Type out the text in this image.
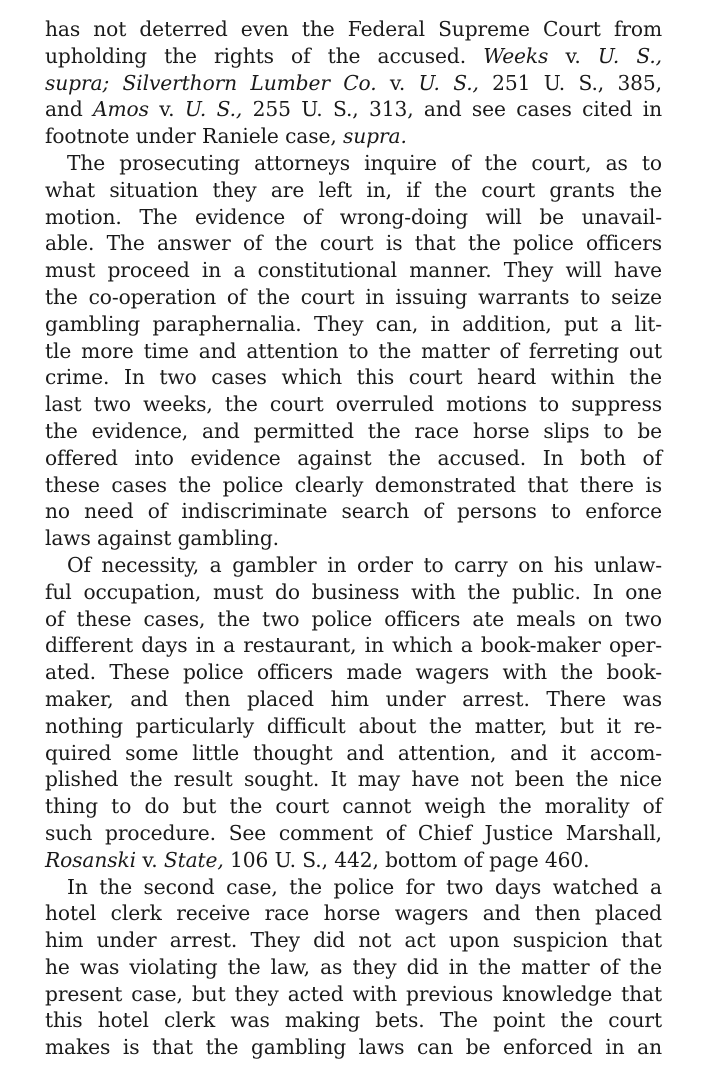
has not deterred even the Federal Supreme Court from
upholding the rights of the accused. Weeks v. U. S.,
supra; Silverthorn Lumber Co. v. U. S., 251 U. S., 385,
and Amos v. U. S., 255 U. S., 313, and see cases cited in
footnote under Raniele case, supra.
The prosecuting attorneys inquire of the court, as to
what situation they are left in, if the court grants the
motion. The evidence of wrong-doing will be unavail-
able. The answer of the court is that the police officers
must proceed in a constitutional manner. They will have
the co-operation of the court in issuing warrants to seize
gambling paraphernalia. They can, in addition, put a lit-
tle more time and attention to the matter of ferreting out
crime. In two cases which this court heard within the
last two weeks, the court overruled motions to suppress
the evidence, and permitted the race horse slips to be
offered into evidence against the accused. In both of
these cases the police clearly demonstrated that there is
no need of indiscriminate search of persons to enforce
laws against gambling.
Of necessity, a gambler in order to carry on his unlaw-
ful occupation, must do business with the public. In one
of these cases, the two police officers ate meals on two
different days in a restaurant, in which a book-maker oper-
ated. These police officers made wagers with the book-
maker, and then placed him under arrest. There was
nothing particularly difficult about the matter, but it re-
quired some little thought and attention, and it accom-
plished the result sought. It may have not been the nice
thing to do but the court cannot weigh the morality of
such procedure. See comment of Chief Justice Marshall,
Rosanski v. State, 106 U. S., 442, bottom of page 460.
In the second case, the police for two days watched a
hotel clerk receive race horse wagers and then placed
him under arrest. They did not act upon suspicion that
he was violating the law, as they did in the matter of the
present case, but they acted with previous knowledge that
this hotel clerk was making bets. The point the court
makes is that the gambling laws can be enforced in an
